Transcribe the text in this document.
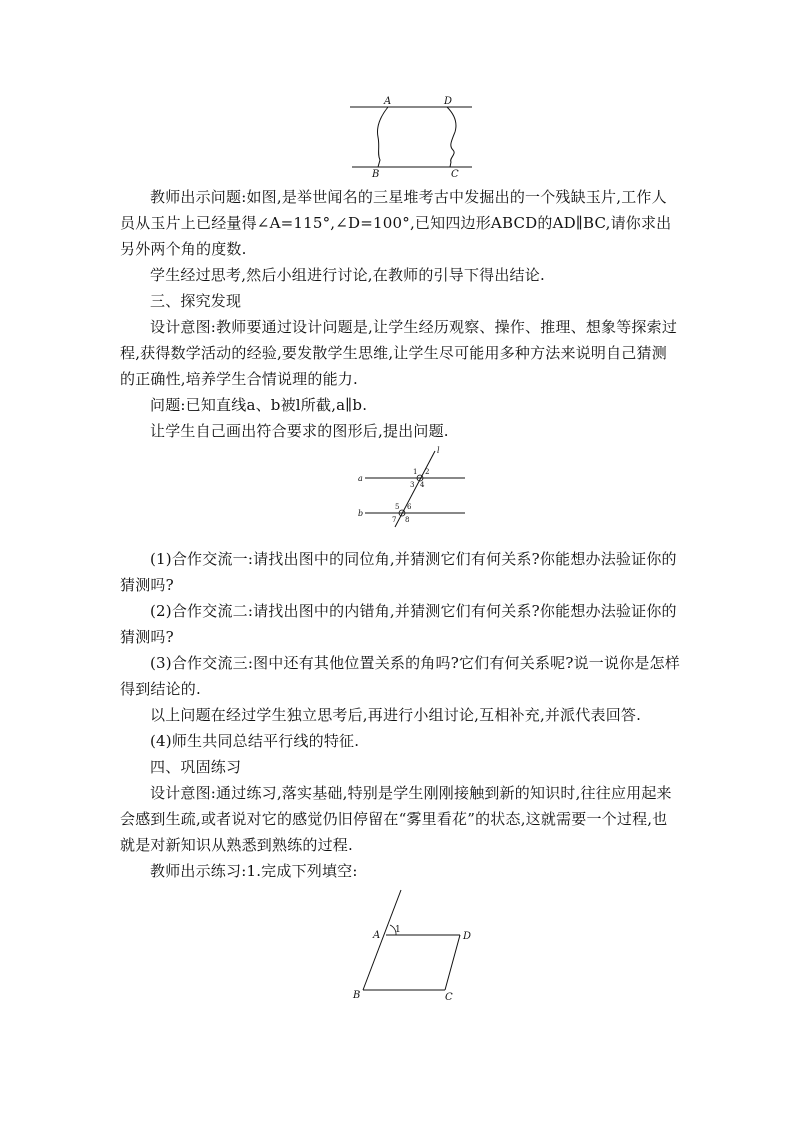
A	D
B	C

教师出示问题:如图,是举世闻名的三星堆考古中发掘出的一个残缺玉片,工作人员从玉片上已经量得∠A=115°,∠D=100°,已知四边形ABCD的AD∥BC,请你求出另外两个角的度数.

学生经过思考,然后小组进行讨论,在教师的引导下得出结论.

三、探究发现

设计意图:教师要通过设计问题是,让学生经历观察、操作、推理、想象等探索过程,获得数学活动的经验,要发散学生思维,让学生尽可能用多种方法来说明自己猜测的正确性,培养学生合情说理的能力.

问题:已知直线a、b被l所截,a∥b.

让学生自己画出符合要求的图形后,提出问题.

a
b
l
1 2
3 4
5 6
7 8

(1)合作交流一:请找出图中的同位角,并猜测它们有何关系?你能想办法验证你的猜测吗?

(2)合作交流二:请找出图中的内错角,并猜测它们有何关系?你能想办法验证你的猜测吗?

(3)合作交流三:图中还有其他位置关系的角吗?它们有何关系呢?说一说你是怎样得到结论的.

以上问题在经过学生独立思考后,再进行小组讨论,互相补充,并派代表回答.

(4)师生共同总结平行线的特征.

四、巩固练习

设计意图:通过练习,落实基础,特别是学生刚刚接触到新的知识时,往往应用起来会感到生疏,或者说对它的感觉仍旧停留在“雾里看花”的状态,这就需要一个过程,也就是对新知识从熟悉到熟练的过程.

教师出示练习:1.完成下列填空:

A	D
B	C
1
